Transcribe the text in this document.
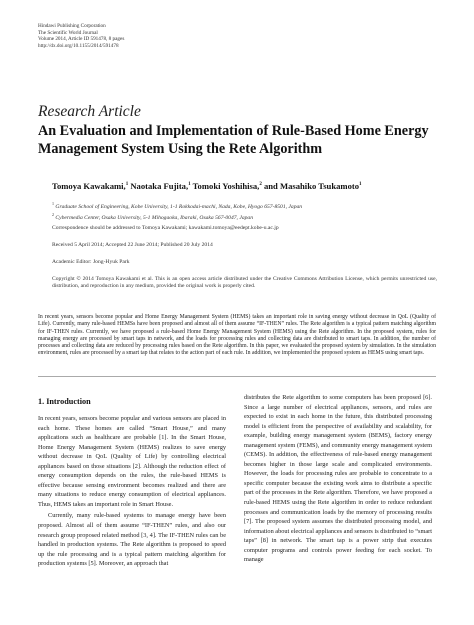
Hindawi Publishing Corporation
The Scientific World Journal
Volume 2014, Article ID 591478, 8 pages
http://dx.doi.org/10.1155/2014/591478
Research Article
An Evaluation and Implementation of Rule-Based Home Energy Management System Using the Rete Algorithm
Tomoya Kawakami,$^1$ Naotaka Fujita,$^1$ Tomoki Yoshihisa,$^2$ and Masahiko Tsukamoto$^1$
$^1$ Graduate School of Engineering, Kobe University, 1-1 Rokkodai-machi, Nada, Kobe, Hyogo 657-8501, Japan
$^2$ Cybermedia Center, Osaka University, 5-1 Mihogaoka, Ibaraki, Osaka 567-0047, Japan
Correspondence should be addressed to Tomoya Kawakami; kawakami.tomoya@eedept.kobe-u.ac.jp
Received 5 April 2014; Accepted 22 June 2014; Published 20 July 2014
Academic Editor: Jong-Hyuk Park
Copyright © 2014 Tomoya Kawakami et al. This is an open access article distributed under the Creative Commons Attribution License, which permits unrestricted use, distribution, and reproduction in any medium, provided the original work is properly cited.
In recent years, sensors become popular and Home Energy Management System (HEMS) takes an important role in saving energy without decrease in QoL (Quality of Life). Currently, many rule-based HEMSs have been proposed and almost all of them assume “IF-THEN” rules. The Rete algorithm is a typical pattern matching algorithm for IF-THEN rules. Currently, we have proposed a rule-based Home Energy Management System (HEMS) using the Rete algorithm. In the proposed system, rules for managing energy are processed by smart taps in network, and the loads for processing rules and collecting data are distributed to smart taps. In addition, the number of processes and collecting data are reduced by processing rules based on the Rete algorithm. In this paper, we evaluated the proposed system by simulation. In the simulation environment, rules are processed by a smart tap that relates to the action part of each rule. In addition, we implemented the proposed system as HEMS using smart taps.
1. Introduction

In recent years, sensors become popular and various sensors are placed in each home. These homes are called “Smart House,” and many applications such as healthcare are probable [1]. In the Smart House, Home Energy Management System (HEMS) realizes to save energy without decrease in QoL (Quality of Life) by controlling electrical appliances based on those situations [2]. Although the reduction effect of energy consumption depends on the rules, the rule-based HEMS is effective because sensing environment becomes realized and there are many situations to reduce energy consumption of electrical appliances. Thus, HEMS takes an important role in Smart House.

Currently, many rule-based systems to manage energy have been proposed. Almost all of them assume “IF-THEN” rules, and also our research group proposed related method [3, 4]. The IF-THEN rules can be handled in production systems. The Rete algorithm is proposed to speed up the rule processing and is a typical pattern matching algorithm for production systems [5]. Moreover, an approach that

distributes the Rete algorithm to some computers has been proposed [6]. Since a large number of electrical appliances, sensors, and rules are expected to exist in each home in the future, this distributed processing model is efficient from the perspective of availability and scalability, for example, building energy management system (BEMS), factory energy management system (FEMS), and community energy management system (CEMS). In addition, the effectiveness of rule-based energy management becomes higher in those large scale and complicated environments. However, the loads for processing rules are probable to concentrate to a specific computer because the existing work aims to distribute a specific part of the processes in the Rete algorithm. Therefore, we have proposed a rule-based HEMS using the Rete algorithm in order to reduce redundant processes and communication loads by the memory of processing results [7]. The proposed system assumes the distributed processing model, and information about electrical appliances and sensors is distributed to “smart taps” [8] in network. The smart tap is a power strip that executes computer programs and controls power feeding for each socket. To manage
